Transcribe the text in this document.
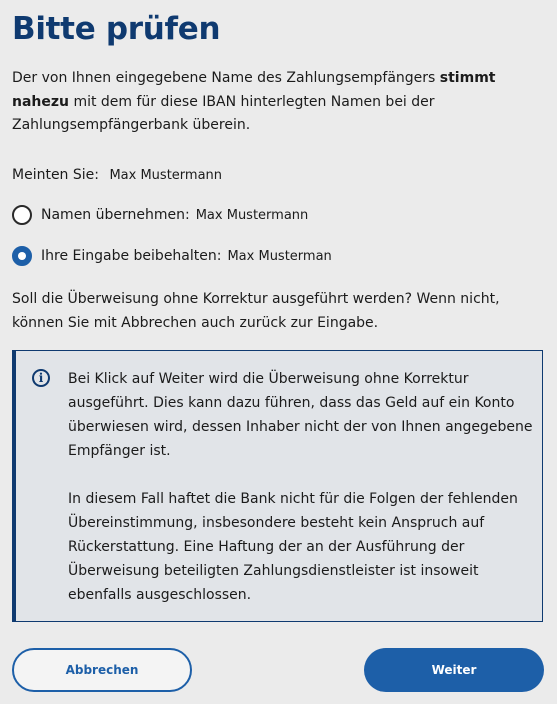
Bitte prüfen

Der von Ihnen eingegebene Name des Zahlungsempfängers stimmt nahezu mit dem für diese IBAN hinterlegten Namen bei der Zahlungsempfängerbank überein.

Meinten Sie: Max Mustermann
Namen übernehmen: Max Mustermann
Ihre Eingabe beibehalten: Max Musterman

Soll die Überweisung ohne Korrektur ausgeführt werden? Wenn nicht, können Sie mit Abbrechen auch zurück zur Eingabe.

i	Bei Klick auf Weiter wird die Überweisung ohne Korrektur ausgeführt. Dies kann dazu führen, dass das Geld auf ein Konto überwiesen wird, dessen Inhaber nicht der von Ihnen angegebene Empfänger ist.

In diesem Fall haftet die Bank nicht für die Folgen der fehlenden Übereinstimmung, insbesondere besteht kein Anspruch auf Rückerstattung. Eine Haftung der an der Ausführung der Überweisung beteiligten Zahlungsdienstleister ist insoweit ebenfalls ausgeschlossen.

Abbrechen	Weiter
